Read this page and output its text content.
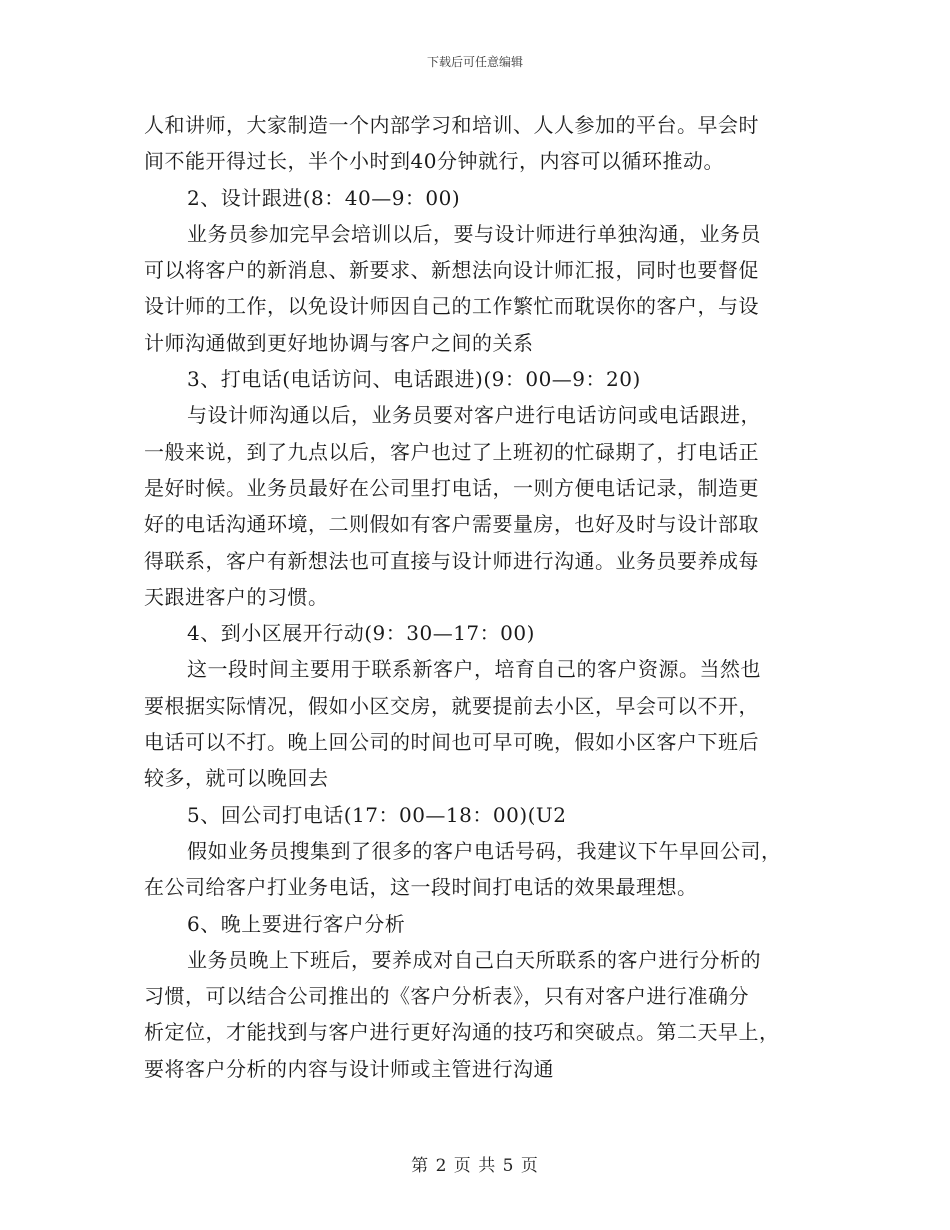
下载后可任意编辑
人和讲师，大家制造一个内部学习和培训、人人参加的平台。早会时
间不能开得过长，半个小时到40分钟就行，内容可以循环推动。
2、设计跟进(8：40—9：00)
业务员参加完早会培训以后，要与设计师进行单独沟通，业务员
可以将客户的新消息、新要求、新想法向设计师汇报，同时也要督促
设计师的工作，以免设计师因自己的工作繁忙而耽误你的客户，与设
计师沟通做到更好地协调与客户之间的关系
3、打电话(电话访问、电话跟进)(9：00—9：20)
与设计师沟通以后，业务员要对客户进行电话访问或电话跟进，
一般来说，到了九点以后，客户也过了上班初的忙碌期了，打电话正
是好时候。业务员最好在公司里打电话，一则方便电话记录，制造更
好的电话沟通环境，二则假如有客户需要量房，也好及时与设计部取
得联系，客户有新想法也可直接与设计师进行沟通。业务员要养成每
天跟进客户的习惯。
4、到小区展开行动(9：30—17：00)
这一段时间主要用于联系新客户，培育自己的客户资源。当然也
要根据实际情况，假如小区交房，就要提前去小区，早会可以不开，
电话可以不打。晚上回公司的时间也可早可晚，假如小区客户下班后
较多，就可以晚回去
5、回公司打电话(17：00—18：00)(U2
假如业务员搜集到了很多的客户电话号码，我建议下午早回公司，
在公司给客户打业务电话，这一段时间打电话的效果最理想。
6、晚上要进行客户分析
业务员晚上下班后，要养成对自己白天所联系的客户进行分析的
习惯，可以结合公司推出的《客户分析表》，只有对客户进行准确分
析定位，才能找到与客户进行更好沟通的技巧和突破点。第二天早上，
要将客户分析的内容与设计师或主管进行沟通
第 2 页 共 5 页
